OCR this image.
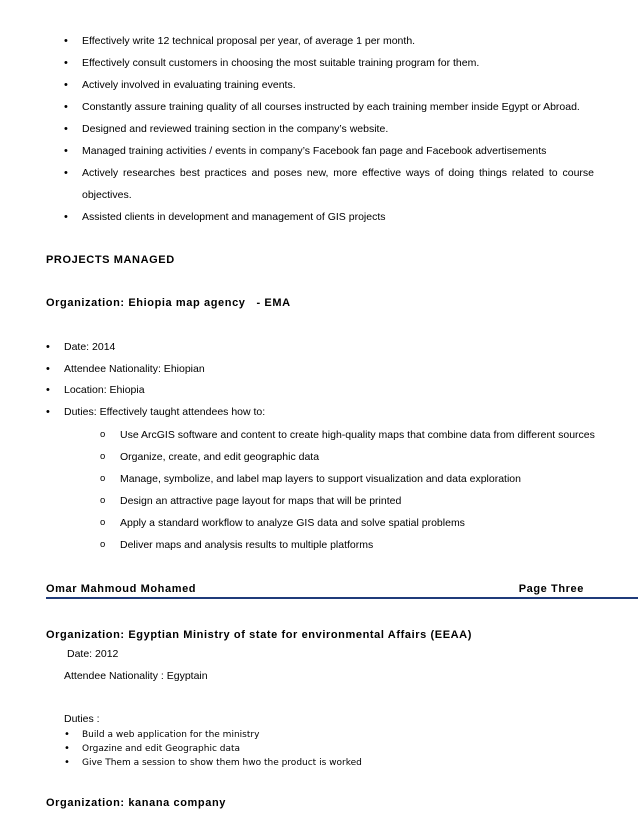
• Effectively write 12 technical proposal per year, of average 1 per month.
• Effectively consult customers in choosing the most suitable training program for them.
• Actively involved in evaluating training events.
• Constantly assure training quality of all courses instructed by each training member inside Egypt or Abroad.
• Designed and reviewed training section in the company’s website.
• Managed training activities / events in company’s Facebook fan page and Facebook advertisements
• Actively researches best practices and poses new, more effective ways of doing things related to course objectives.
• Assisted clients in development and management of GIS projects
PROJECTS MANAGED
Organization: Ehiopia map agency   - EMA
• Date: 2014
• Attendee Nationality: Ehiopian
• Location: Ehiopia
• Duties: Effectively taught attendees how to:
o Use ArcGIS software and content to create high-quality maps that combine data from different sources
o Organize, create, and edit geographic data
o Manage, symbolize, and label map layers to support visualization and data exploration
o Design an attractive page layout for maps that will be printed
o Apply a standard workflow to analyze GIS data and solve spatial problems
o Deliver maps and analysis results to multiple platforms
Omar Mahmoud Mohamed	Page Three
Organization: Egyptian Ministry of state for environmental Affairs (EEAA)
Date: 2012
Attendee Nationality : Egyptain
Duties :
• Build a web application for the ministry
• Orgazine and edit Geographic data
• Give Them a session to show them hwo the product is worked
Organization: kanana company
